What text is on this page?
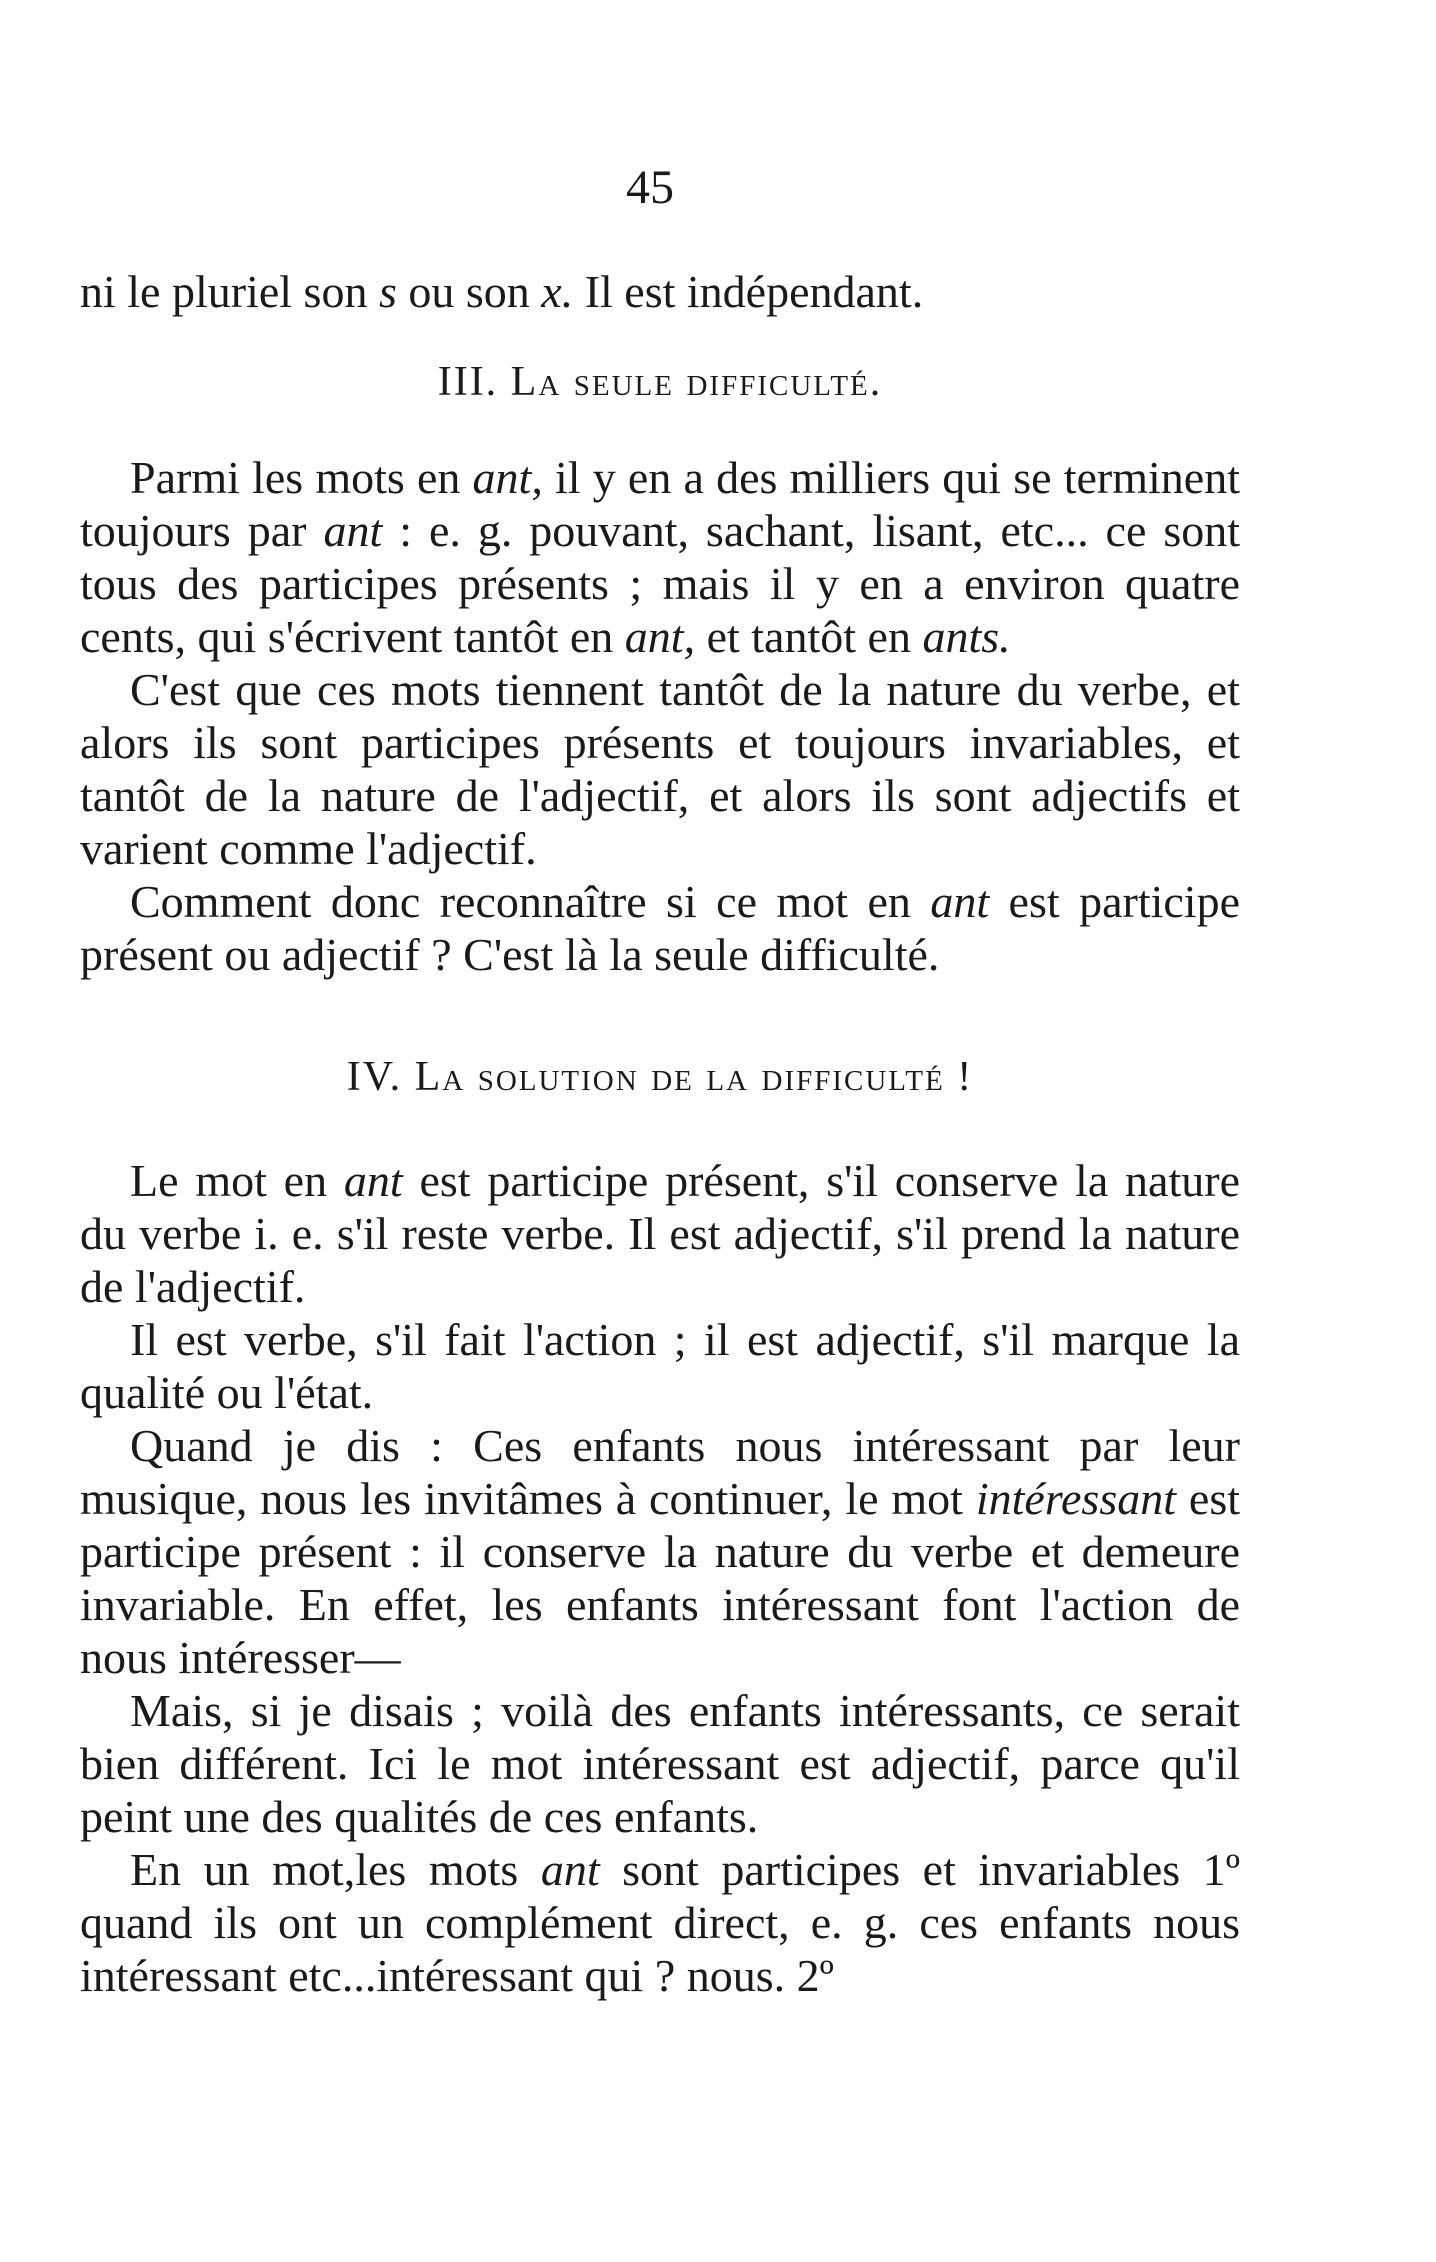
45

ni le pluriel son s ou son x. Il est indépendant.

III. La seule difficulté.

Parmi les mots en ant, il y en a des milliers qui se terminent toujours par ant : e. g. pouvant, sachant, lisant, etc... ce sont tous des participes présents ; mais il y en a environ quatre cents, qui s'écrivent tantôt en ant, et tantôt en ants.

C'est que ces mots tiennent tantôt de la nature du verbe, et alors ils sont participes présents et toujours invariables, et tantôt de la nature de l'adjectif, et alors ils sont adjectifs et varient comme l'adjectif.

Comment donc reconnaître si ce mot en ant est participe présent ou adjectif ? C'est là la seule difficulté.

IV. La solution de la difficulté !

Le mot en ant est participe présent, s'il conserve la nature du verbe i. e. s'il reste verbe. Il est adjectif, s'il prend la nature de l'adjectif.

Il est verbe, s'il fait l'action ; il est adjectif, s'il marque la qualité ou l'état.

Quand je dis : Ces enfants nous intéressant par leur musique, nous les invitâmes à continuer, le mot intéressant est participe présent : il conserve la nature du verbe et demeure invariable. En effet, les enfants intéressant font l'action de nous intéresser—

Mais, si je disais ; voilà des enfants intéressants, ce serait bien différent. Ici le mot intéressant est adjectif, parce qu'il peint une des qualités de ces enfants.

En un mot,les mots ant sont participes et invariables 1º quand ils ont un complément direct, e. g. ces enfants nous intéressant etc...intéressant qui ? nous. 2º
